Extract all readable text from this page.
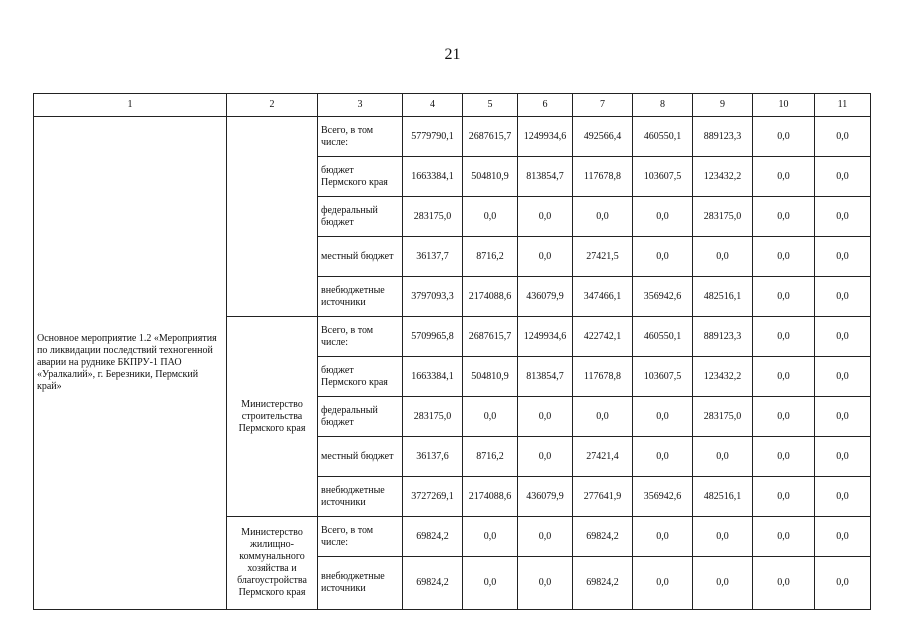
21
1	2	3	4	5	6	7	8	9	10	11
Основное мероприятие 1.2 «Мероприятия по ликвидации последствий техногенной аварии на руднике БКПРУ-1 ПАО «Уралкалий», г. Березники, Пермский край»		Всего, в том числе:	5779790,1	2687615,7	1249934,6	492566,4	460550,1	889123,3	0,0	0,0
		бюджет Пермского края	1663384,1	504810,9	813854,7	117678,8	103607,5	123432,2	0,0	0,0
		федеральный бюджет	283175,0	0,0	0,0	0,0	0,0	283175,0	0,0	0,0
		местный бюджет	36137,7	8716,2	0,0	27421,5	0,0	0,0	0,0	0,0
		внебюджетные источники	3797093,3	2174088,6	436079,9	347466,1	356942,6	482516,1	0,0	0,0
	Министерство строительства Пермского края	Всего, в том числе:	5709965,8	2687615,7	1249934,6	422742,1	460550,1	889123,3	0,0	0,0
		бюджет Пермского края	1663384,1	504810,9	813854,7	117678,8	103607,5	123432,2	0,0	0,0
		федеральный бюджет	283175,0	0,0	0,0	0,0	0,0	283175,0	0,0	0,0
		местный бюджет	36137,6	8716,2	0,0	27421,4	0,0	0,0	0,0	0,0
		внебюджетные источники	3727269,1	2174088,6	436079,9	277641,9	356942,6	482516,1	0,0	0,0
	Министерство жилищно-коммунального хозяйства и благоустройства Пермского края	Всего, в том числе:	69824,2	0,0	0,0	69824,2	0,0	0,0	0,0	0,0
		внебюджетные источники	69824,2	0,0	0,0	69824,2	0,0	0,0	0,0	0,0
